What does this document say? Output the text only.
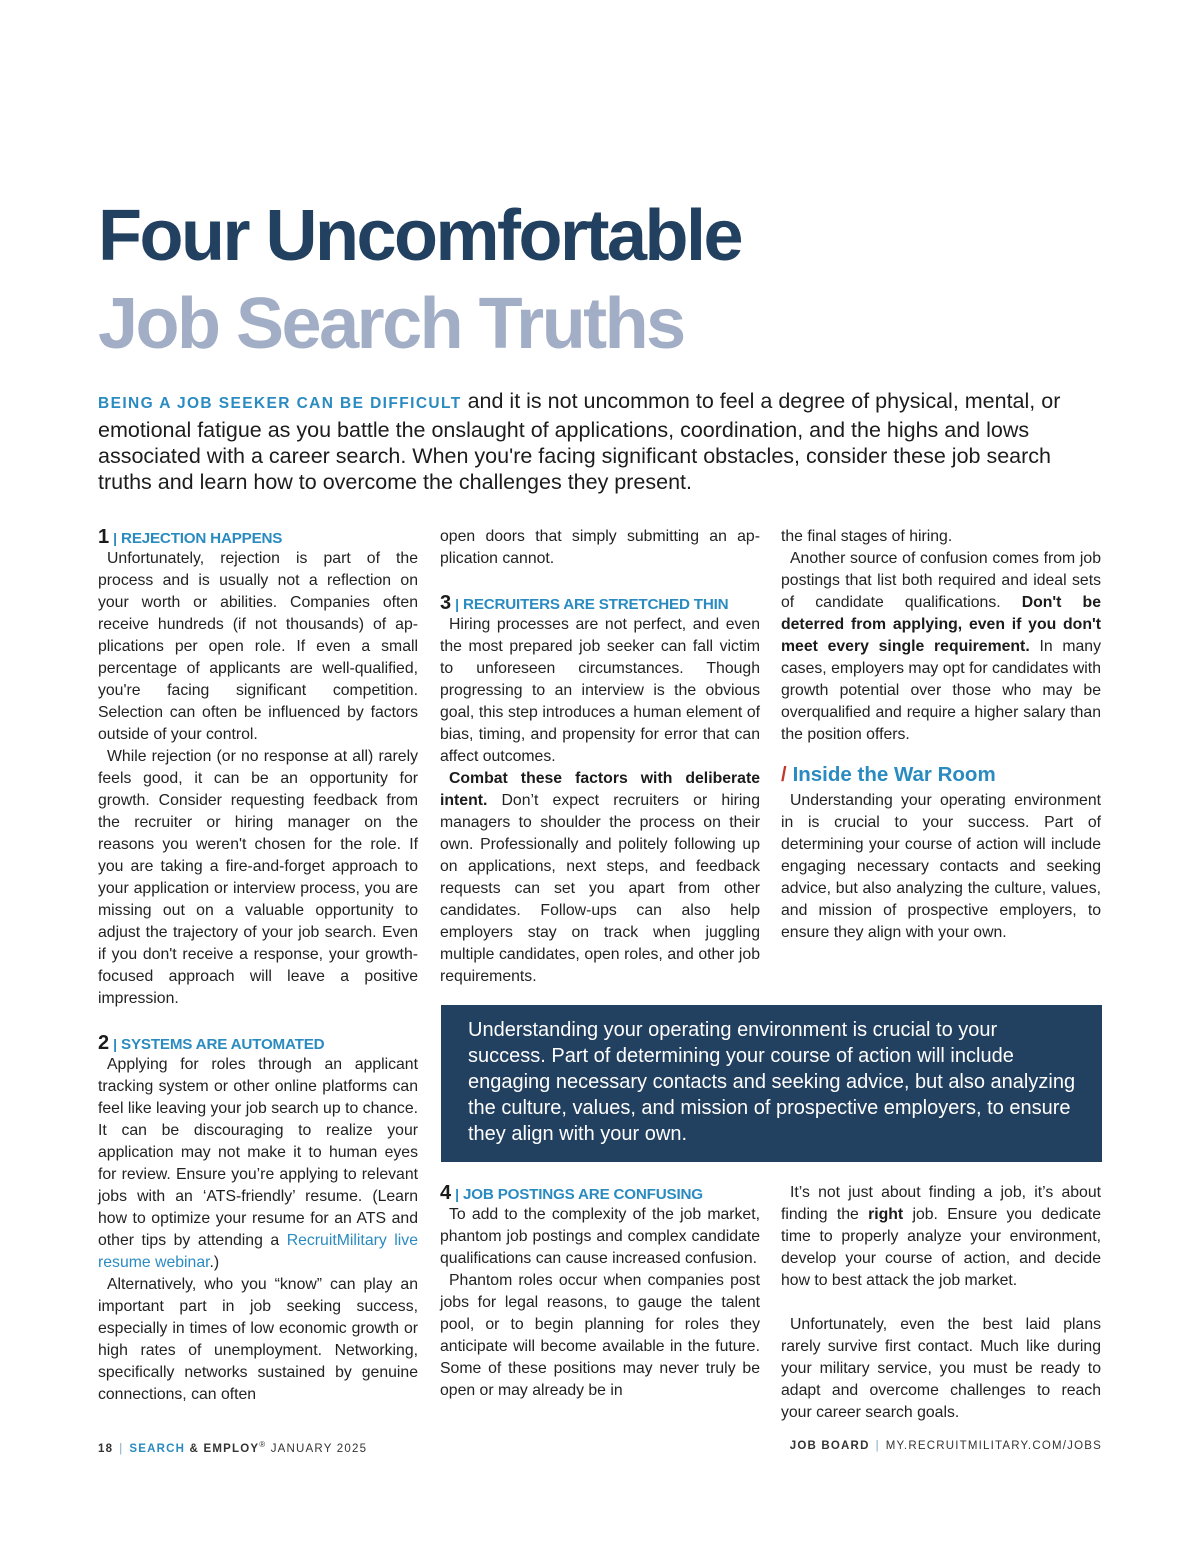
Four Uncomfortable
Job Search Truths

BEING A JOB SEEKER CAN BE DIFFICULT and it is not uncommon to feel a degree of physical, mental, or emotional fatigue as you battle the onslaught of applications, coordination, and the highs and lows associated with a career search. When you're facing significant obstacles, consider these job search truths and learn how to overcome the challenges they present.

1 | REJECTION HAPPENS

Unfortunately, rejection is part of the process and is usually not a reflection on your worth or abilities. Companies often receive hundreds (if not thousands) of applications per open role. If even a small percentage of applicants are well-qualified, you're facing significant competition. Selection can often be influenced by factors outside of your control.

While rejection (or no response at all) rarely feels good, it can be an opportunity for growth. Consider requesting feedback from the recruiter or hiring manager on the reasons you weren't chosen for the role. If you are taking a fire-and-forget approach to your application or interview process, you are missing out on a valuable opportunity to adjust the trajectory of your job search. Even if you don't receive a response, your growth-focused approach will leave a positive impression.

2 | SYSTEMS ARE AUTOMATED

Applying for roles through an applicant tracking system or other online platforms can feel like leaving your job search up to chance. It can be discouraging to realize your application may not make it to human eyes for review. Ensure you’re applying to relevant jobs with an ‘ATS-friendly’ resume. (Learn how to optimize your resume for an ATS and other tips by attending a RecruitMilitary live resume webinar.)

Alternatively, who you “know” can play an important part in job seeking success, especially in times of low economic growth or high rates of unemployment. Networking, specifically networks sustained by genuine connections, can often

open doors that simply submitting an application cannot.

3 | RECRUITERS ARE STRETCHED THIN

Hiring processes are not perfect, and even the most prepared job seeker can fall victim to unforeseen circumstances. Though progressing to an interview is the obvious goal, this step introduces a human element of bias, timing, and propensity for error that can affect outcomes.

Combat these factors with deliberate intent. Don’t expect recruiters or hiring managers to shoulder the process on their own. Professionally and politely following up on applications, next steps, and feedback requests can set you apart from other candidates. Follow-ups can also help employers stay on track when juggling multiple candidates, open roles, and other job requirements.

the final stages of hiring.

Another source of confusion comes from job postings that list both required and ideal sets of candidate qualifications. Don't be deterred from applying, even if you don't meet every single requirement. In many cases, employers may opt for candidates with growth potential over those who may be overqualified and require a higher salary than the position offers.

/ Inside the War Room

Understanding your operating environment in is crucial to your success. Part of determining your course of action will include engaging necessary contacts and seeking advice, but also analyzing the culture, values, and mission of prospective employers, to ensure they align with your own.

Understanding your operating environment is crucial to your success. Part of determining your course of action will include engaging necessary contacts and seeking advice, but also analyzing the culture, values, and mission of prospective employers, to ensure they align with your own.

4 | JOB POSTINGS ARE CONFUSING

To add to the complexity of the job market, phantom job postings and complex candidate qualifications can cause increased confusion.

Phantom roles occur when companies post jobs for legal reasons, to gauge the talent pool, or to begin planning for roles they anticipate will become available in the future. Some of these positions may never truly be open or may already be in

It’s not just about finding a job, it’s about finding the right job. Ensure you dedicate time to properly analyze your environment, develop your course of action, and decide how to best attack the job market.

Unfortunately, even the best laid plans rarely survive first contact. Much like during your military service, you must be ready to adapt and overcome challenges to reach your career search goals.

18 | SEARCH & EMPLOY® JANUARY 2025	JOB BOARD | MY.RECRUITMILITARY.COM/JOBS
